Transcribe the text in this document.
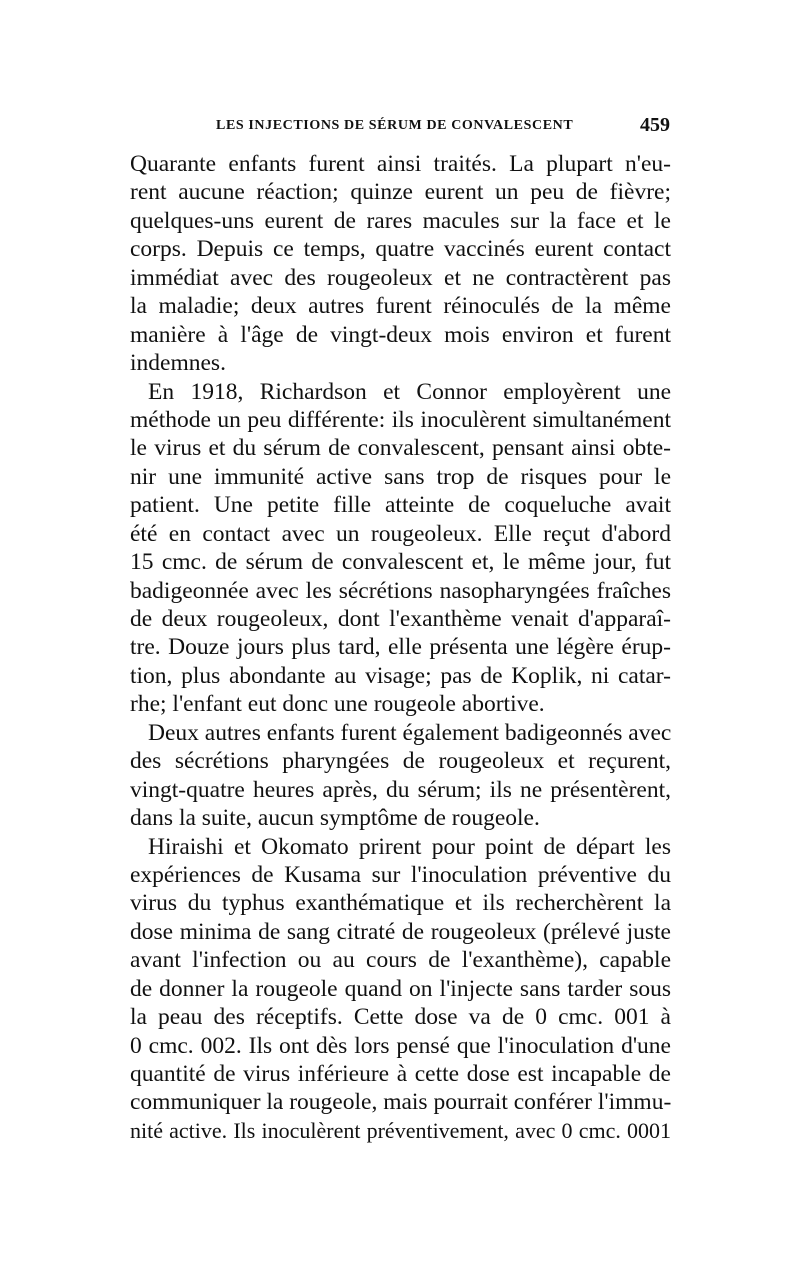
LES INJECTIONS DE SÉRUM DE CONVALESCENT	459
Quarante enfants furent ainsi traités. La plupart n'eu-
rent aucune réaction; quinze eurent un peu de fièvre;
quelques-uns eurent de rares macules sur la face et le
corps. Depuis ce temps, quatre vaccinés eurent contact
immédiat avec des rougeoleux et ne contractèrent pas
la maladie; deux autres furent réinoculés de la même
manière à l'âge de vingt-deux mois environ et furent
indemnes.
En 1918, Richardson et Connor employèrent une
méthode un peu différente: ils inoculèrent simultanément
le virus et du sérum de convalescent, pensant ainsi obte-
nir une immunité active sans trop de risques pour le
patient. Une petite fille atteinte de coqueluche avait
été en contact avec un rougeoleux. Elle reçut d'abord
15 cmc. de sérum de convalescent et, le même jour, fut
badigeonnée avec les sécrétions nasopharyngées fraîches
de deux rougeoleux, dont l'exanthème venait d'apparaî-
tre. Douze jours plus tard, elle présenta une légère érup-
tion, plus abondante au visage; pas de Koplik, ni catar-
rhe; l'enfant eut donc une rougeole abortive.
Deux autres enfants furent également badigeonnés avec
des sécrétions pharyngées de rougeoleux et reçurent,
vingt-quatre heures après, du sérum; ils ne présentèrent,
dans la suite, aucun symptôme de rougeole.
Hiraishi et Okomato prirent pour point de départ les
expériences de Kusama sur l'inoculation préventive du
virus du typhus exanthématique et ils recherchèrent la
dose minima de sang citraté de rougeoleux (prélevé juste
avant l'infection ou au cours de l'exanthème), capable
de donner la rougeole quand on l'injecte sans tarder sous
la peau des réceptifs. Cette dose va de 0 cmc. 001 à
0 cmc. 002. Ils ont dès lors pensé que l'inoculation d'une
quantité de virus inférieure à cette dose est incapable de
communiquer la rougeole, mais pourrait conférer l'immu-
nité active. Ils inoculèrent préventivement, avec 0 cmc. 0001
